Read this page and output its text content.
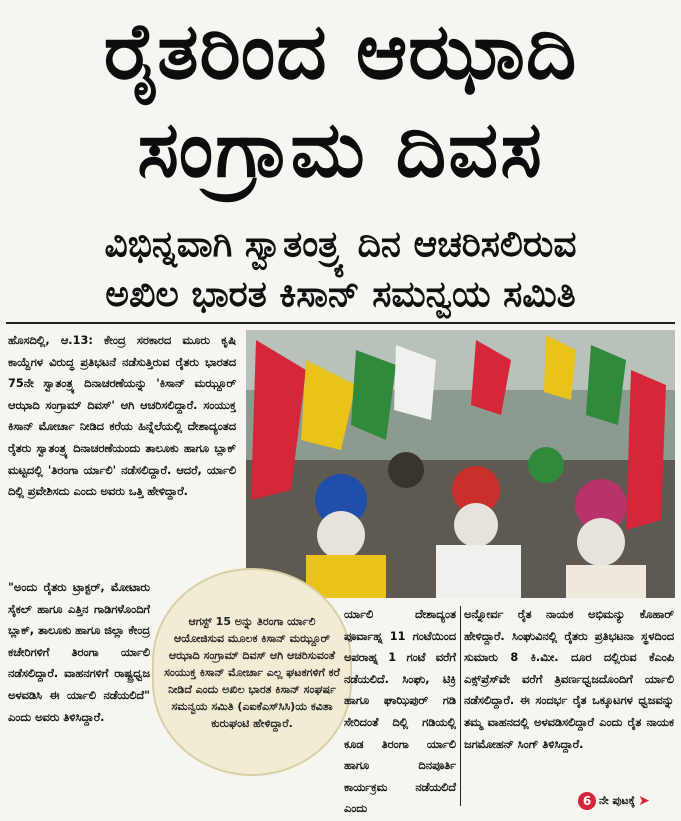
ರೈತರಿಂದ ಆಝಾದಿ
ಸಂಗ್ರಾಮ ದಿವಸ
ವಿಭಿನ್ನವಾಗಿ ಸ್ವಾತಂತ್ರ್ಯ ದಿನ ಆಚರಿಸಲಿರುವ
ಅಖಿಲ ಭಾರತ ಕಿಸಾನ್ ಸಮನ್ವಯ ಸಮಿತಿ

ಹೊಸದಿಲ್ಲಿ, ಆ.13: ಕೇಂದ್ರ ಸರಕಾರದ ಮೂರು ಕೃಷಿ ಕಾಯ್ದೆಗಳ ವಿರುದ್ಧ ಪ್ರತಿಭಟನೆ ನಡೆಸುತ್ತಿರುವ ರೈತರು ಭಾರತದ 75ನೇ ಸ್ವಾತಂತ್ರ್ಯ ದಿನಾಚರಣೆಯನ್ನು 'ಕಿಸಾನ್ ಮಝ್ದೂರ್ ಆಝಾದಿ ಸಂಗ್ರಾಮ್ ದಿವಸ್' ಆಗಿ ಆಚರಿಸಲಿದ್ದಾರೆ. ಸಂಯುಕ್ತ ಕಿಸಾನ್ ಮೋರ್ಚಾ ನೀಡಿದ ಕರೆಯ ಹಿನ್ನೆಲೆಯಲ್ಲಿ ದೇಶಾದ್ಯಂತದ ರೈತರು ಸ್ವಾತಂತ್ರ್ಯ ದಿನಾಚರಣೆಯಂದು ತಾಲೂಕು ಹಾಗೂ ಬ್ಲಾಕ್ ಮಟ್ಟದಲ್ಲಿ 'ತಿರಂಗಾ ರ್ಯಾಲಿ' ನಡೆಸಲಿದ್ದಾರೆ. ಆದರೆ, ರ್ಯಾಲಿ ದಿಲ್ಲಿ ಪ್ರವೇಶಿಸದು ಎಂದು ಅವರು ಒತ್ತಿ ಹೇಳಿದ್ದಾರೆ.

"ಅಂದು ರೈತರು ಟ್ರಾಕ್ಟರ್, ಮೋಟಾರು ಸೈಕಲ್ ಹಾಗೂ ಎತ್ತಿನ ಗಾಡಿಗಳೊಂದಿಗೆ ಬ್ಲಾಕ್, ತಾಲೂಕು ಹಾಗೂ ಜಿಲ್ಲಾ ಕೇಂದ್ರ ಕಚೇರಿಗಳಿಗೆ ತಿರಂಗಾ ರ್ಯಾಲಿ ನಡೆಸಲಿದ್ದಾರೆ. ವಾಹನಗಳಿಗೆ ರಾಷ್ಟ್ರಧ್ವಜ ಅಳವಡಿಸಿ ಈ ರ್ಯಾಲಿ ನಡೆಯಲಿದೆ" ಎಂದು ಅವರು ತಿಳಿಸಿದ್ದಾರೆ.

ಆಗಸ್ಟ್ 15 ಅನ್ನು ತಿರಂಗಾ ರ್ಯಾಲಿ ಆಯೋಜಿಸುವ ಮೂಲಕ ಕಿಸಾನ್ ಮಝ್ದೂರ್ ಆಝಾದಿ ಸಂಗ್ರಾಮ್ ದಿವಸ್ ಆಗಿ ಆಚರಿಸುವಂತೆ ಸಂಯುಕ್ತ ಕಿಸಾನ್ ಮೋರ್ಚಾ ಎಲ್ಲ ಘಟಕಗಳಿಗೆ ಕರೆ ನೀಡಿದೆ ಎಂದು ಅಖಿಲ ಭಾರತ ಕಿಸಾನ್ ಸಂಘರ್ಷ ಸಮನ್ವಯ ಸಮಿತಿ (ಎಐಕೆಎಸ್‌ಸಿಸಿ)ಯ ಕವಿತಾ ಕುರುಘಂಟಿ ಹೇಳಿದ್ದಾರೆ.

ರ್ಯಾಲಿ ದೇಶಾದ್ಯಂತ ಪೂರ್ವಾಹ್ನ 11 ಗಂಟೆಯಿಂದ ಅಪರಾಹ್ನ 1 ಗಂಟೆ ವರೆಗೆ ನಡೆಯಲಿದೆ. ಸಿಂಘು, ಟಿಕ್ರಿ ಹಾಗೂ ಘಾಝಿಪುರ್ ಗಡಿ ಸೇರಿದಂತೆ ದಿಲ್ಲಿ ಗಡಿಯಲ್ಲಿ ಕೂಡ ತಿರಂಗಾ ರ್ಯಾಲಿ ಹಾಗೂ ದಿನಪೂರ್ತಿ ಕಾರ್ಯಕ್ರಮ ನಡೆಯಲಿದೆ ಎಂದು

ಅನ್ನೋರ್ವ ರೈತ ನಾಯಕ ಅಭಿಮನ್ಯು ಕೊಹಾರ್ ಹೇಳಿದ್ದಾರೆ. ಸಿಂಘುವಿನಲ್ಲಿ ರೈತರು ಪ್ರತಿಭಟನಾ ಸ್ಥಳದಿಂದ ಸುಮಾರು 8 ಕಿ.ಮೀ. ದೂರ ದಲ್ಲಿರುವ ಕೆಎಂಪಿ ಎಕ್ಸ್‌ಪ್ರೆಸ್‌ವೇ ವರೆಗೆ ತ್ರಿವರ್ಣಧ್ವಜದೊಂದಿಗೆ ರ್ಯಾಲಿ ನಡೆಸಲಿದ್ದಾರೆ. ಈ ಸಂದರ್ಭ ರೈತ ಒಕ್ಕೂಟಗಳ ಧ್ವಜವನ್ನು ತಮ್ಮ ವಾಹನದಲ್ಲಿ ಅಳವಡಿಸಲಿದ್ದಾರೆ ಎಂದು ರೈತ ನಾಯಕ ಜಗಮೋಹನ್ ಸಿಂಗ್ ತಿಳಿಸಿದ್ದಾರೆ.

6 ನೇ ಪುಟಕ್ಕೆ ➤
